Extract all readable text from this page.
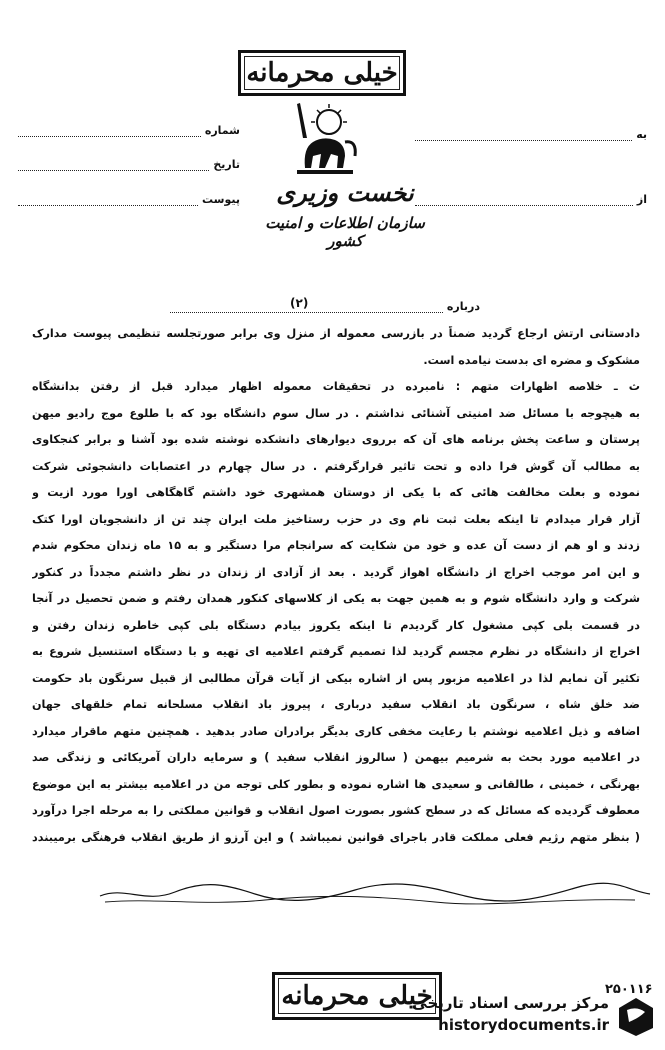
خیلی محرمانه
نخست وزیری
سازمان اطلاعات و امنیت کشور
شماره
تاریخ
پیوست
به
از
درباره
(۲)
دادستانی ارتش ارجاع گردید ضمناً در بازرسی معموله از منزل وی برابر صورتجلسه تنظیمی پیوست مدارک
مشکوک و مضره ای بدست نیامده است.
ث ـ خلاصه اظهارات متهم : نامبرده در تحقیقات معموله اظهار میدارد قبل از رفتن بدانشگاه
به هیچوجه با مسائل ضد امنیتی آشنائی نداشتم . در سال سوم دانشگاه بود که با طلوع موج رادیو میهن
پرستان و ساعت پخش برنامه های آن که برروی دیوارهای دانشکده نوشته شده بود آشنا و برابر کنجکاوی
به مطالب آن گوش فرا داده و تحت تاثیر قرارگرفتم . در سال چهارم در اعتصابات دانشجوئی شرکت
نموده و بعلت مخالفت هائی که با یکی از دوستان همشهری خود داشتم گاهگاهی اورا مورد ازیت و
آزار قرار میدادم تا اینکه بعلت ثبت نام وی در حزب رستاخیز ملت ایران چند تن از دانشجویان اورا کتک
زدند و او هم از دست آن عده و خود من شکایت که سرانجام مرا دستگیر و به ۱۵ ماه زندان محکوم شدم
و این امر موجب اخراج از دانشگاه اهواز گردید . بعد از آزادی از زندان در نظر داشتم مجدداً در کنکور
شرکت و وارد دانشگاه شوم و به همین جهت به یکی از کلاسهای کنکور همدان رفتم و ضمن تحصیل در آنجا
در قسمت بلی کپی مشغول کار گردیدم تا اینکه یکروز بیادم دستگاه بلی کپی خاطره زندان رفتن و
اخراج از دانشگاه در نظرم مجسم گردید لذا تصمیم گرفتم اعلامیه ای تهیه و با دستگاه استنسیل شروع به
تکثیر آن نمایم لذا در اعلامیه مزبور پس از اشاره بیکی از آیات قرآن مطالبی از قبیل سرنگون باد حکومت
ضد خلق شاه ، سرنگون باد انقلاب سفید درباری ، پیروز باد انقلاب مسلحانه تمام خلقهای جهان
اضافه و ذیل اعلامیه نوشتم با رعایت مخفی کاری بدیگر برادران صادر بدهید . همچنین متهم ماقرار میدارد
در اعلامیه مورد بحث به شرمیم بیهمن ( سالروز انقلاب سفید ) و سرمایه داران آمریکائی و زندگی صد
بهرنگی ، خمینی ، طالقانی و سعیدی ها اشاره نموده و بطور کلی توجه من در اعلامیه بیشتر به این موضوع
معطوف گردیده که مسائل که در سطح کشور بصورت اصول انقلاب و قوانین مملکتی را به مرحله اجرا درآورد
( بنظر متهم رژیم فعلی مملکت قادر باجرای قوانین نمیباشد ) و این آرزو از طریق انقلاب فرهنگی برمیبندد
خیلی محرمانه	۲۵۰۱۱۶
مرکز بررسی اسناد تاریخی
historydocuments.ir
